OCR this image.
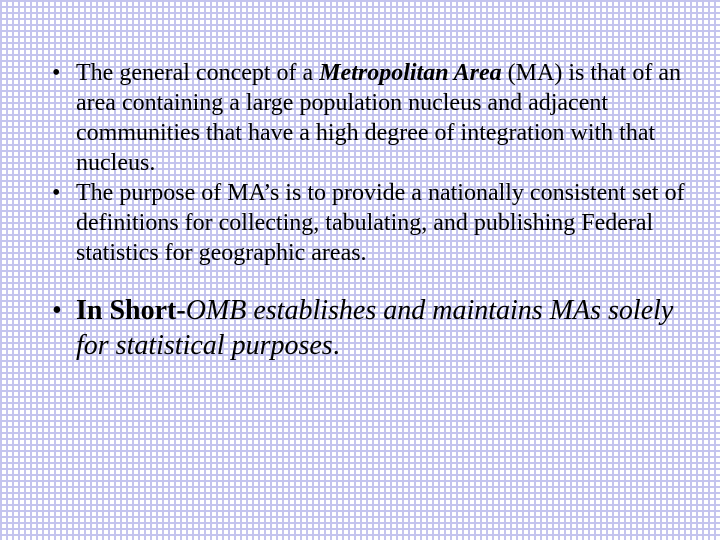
• The general concept of a Metropolitan Area (MA) is that of an area containing a large population nucleus and adjacent communities that have a high degree of integration with that nucleus.
• The purpose of MA’s is to provide a nationally consistent set of definitions for collecting, tabulating, and publishing Federal statistics for geographic areas.
• In Short-OMB establishes and maintains MAs solely for statistical purposes.
